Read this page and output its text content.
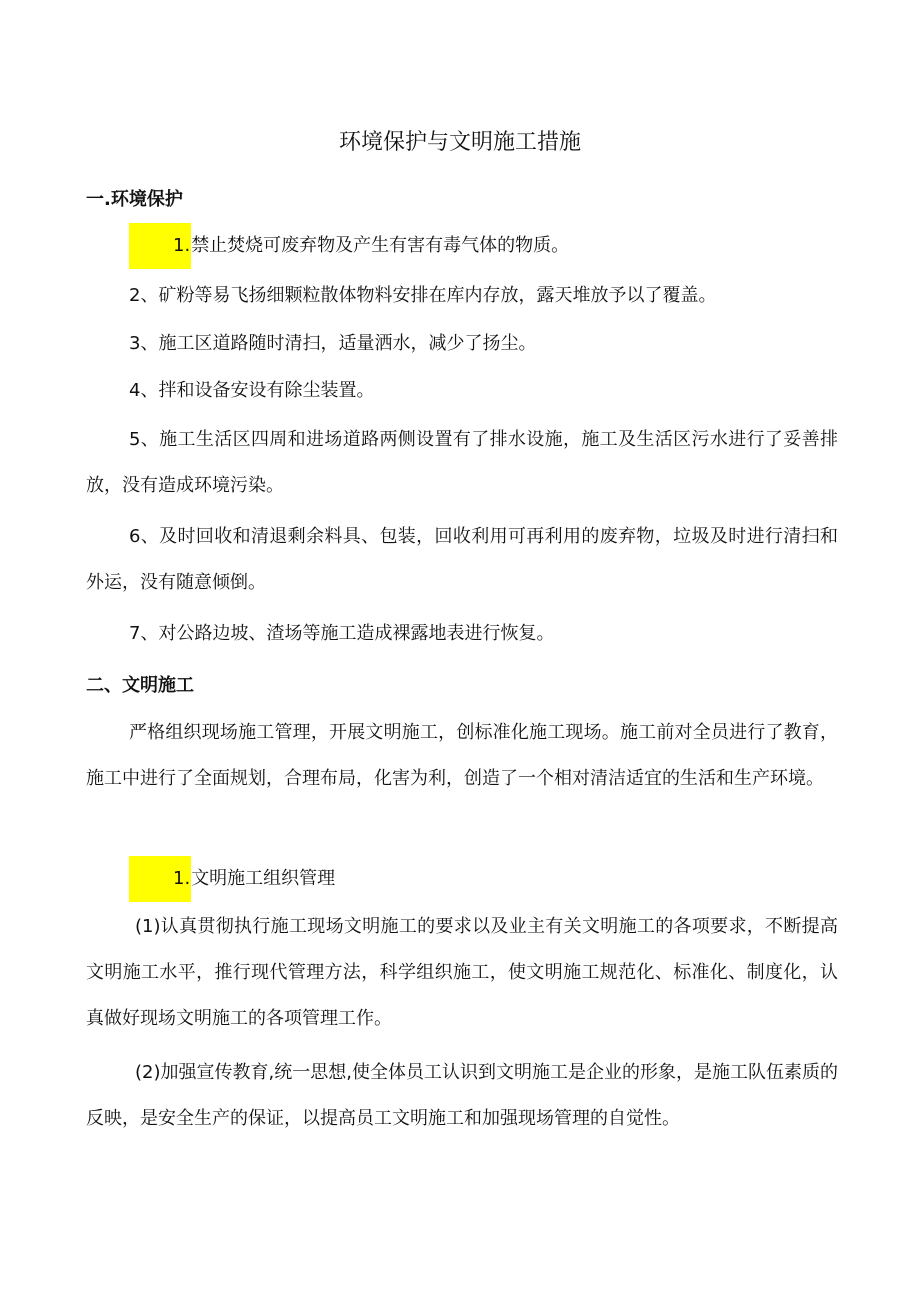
环境保护与文明施工措施
一.环境保护

1.禁止焚烧可废弃物及产生有害有毒气体的物质。

2、矿粉等易飞扬细颗粒散体物料安排在库内存放，露天堆放予以了覆盖。

3、施工区道路随时清扫，适量洒水，减少了扬尘。

4、拌和设备安设有除尘装置。

5、施工生活区四周和进场道路两侧设置有了排水设施，施工及生活区污水进行了妥善排放，没有造成环境污染。

6、及时回收和清退剩余料具、包装，回收利用可再利用的废弃物，垃圾及时进行清扫和外运，没有随意倾倒。

7、对公路边坡、渣场等施工造成裸露地表进行恢复。

二、文明施工

严格组织现场施工管理，开展文明施工，创标准化施工现场。施工前对全员进行了教育，施工中进行了全面规划，合理布局，化害为利，创造了一个相对清洁适宜的生活和生产环境。

1.文明施工组织管理

(1)认真贯彻执行施工现场文明施工的要求以及业主有关文明施工的各项要求，不断提高文明施工水平，推行现代管理方法，科学组织施工，使文明施工规范化、标准化、制度化，认真做好现场文明施工的各项管理工作。

(2)加强宣传教育,统一思想,使全体员工认识到文明施工是企业的形象，是施工队伍素质的反映，是安全生产的保证，以提高员工文明施工和加强现场管理的自觉性。
